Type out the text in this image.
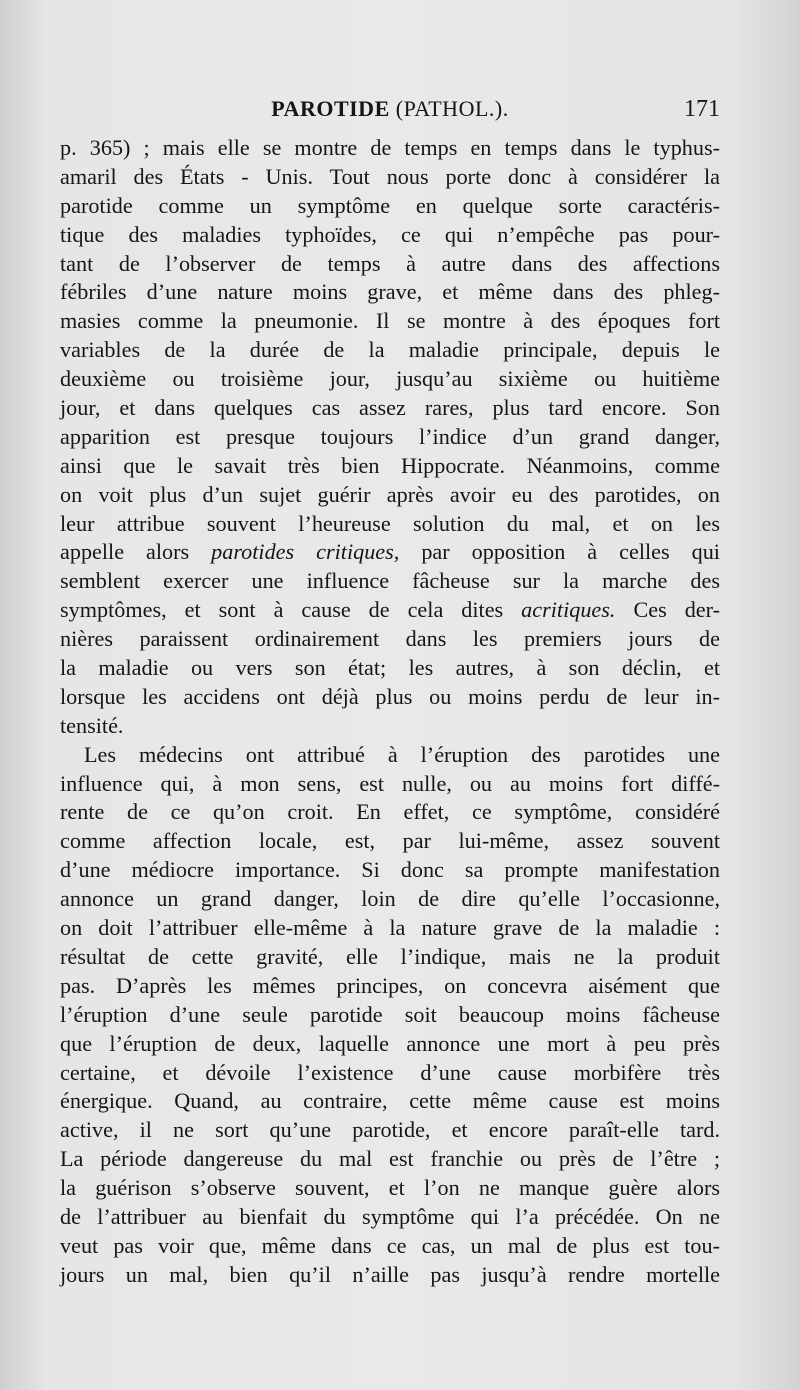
PAROTIDE (PATHOL.).	171
p. 365) ; mais elle se montre de temps en temps dans le typhus-
amaril des États - Unis. Tout nous porte donc à considérer la
parotide comme un symptôme en quelque sorte caractéris-
tique des maladies typhoïdes, ce qui n’empêche pas pour-
tant de l’observer de temps à autre dans des affections
fébriles d’une nature moins grave, et même dans des phleg-
masies comme la pneumonie. Il se montre à des époques fort
variables de la durée de la maladie principale, depuis le
deuxième ou troisième jour, jusqu’au sixième ou huitième
jour, et dans quelques cas assez rares, plus tard encore. Son
apparition est presque toujours l’indice d’un grand danger,
ainsi que le savait très bien Hippocrate. Néanmoins, comme
on voit plus d’un sujet guérir après avoir eu des parotides, on
leur attribue souvent l’heureuse solution du mal, et on les
appelle alors parotides critiques, par opposition à celles qui
semblent exercer une influence fâcheuse sur la marche des
symptômes, et sont à cause de cela dites acritiques. Ces der-
nières paraissent ordinairement dans les premiers jours de
la maladie ou vers son état; les autres, à son déclin, et
lorsque les accidens ont déjà plus ou moins perdu de leur in-
tensité.
Les médecins ont attribué à l’éruption des parotides une
influence qui, à mon sens, est nulle, ou au moins fort diffé-
rente de ce qu’on croit. En effet, ce symptôme, considéré
comme affection locale, est, par lui-même, assez souvent
d’une médiocre importance. Si donc sa prompte manifestation
annonce un grand danger, loin de dire qu’elle l’occasionne,
on doit l’attribuer elle-même à la nature grave de la maladie :
résultat de cette gravité, elle l’indique, mais ne la produit
pas. D’après les mêmes principes, on concevra aisément que
l’éruption d’une seule parotide soit beaucoup moins fâcheuse
que l’éruption de deux, laquelle annonce une mort à peu près
certaine, et dévoile l’existence d’une cause morbifère très
énergique. Quand, au contraire, cette même cause est moins
active, il ne sort qu’une parotide, et encore paraît-elle tard.
La période dangereuse du mal est franchie ou près de l’être ;
la guérison s’observe souvent, et l’on ne manque guère alors
de l’attribuer au bienfait du symptôme qui l’a précédée. On ne
veut pas voir que, même dans ce cas, un mal de plus est tou-
jours un mal, bien qu’il n’aille pas jusqu’à rendre mortelle
